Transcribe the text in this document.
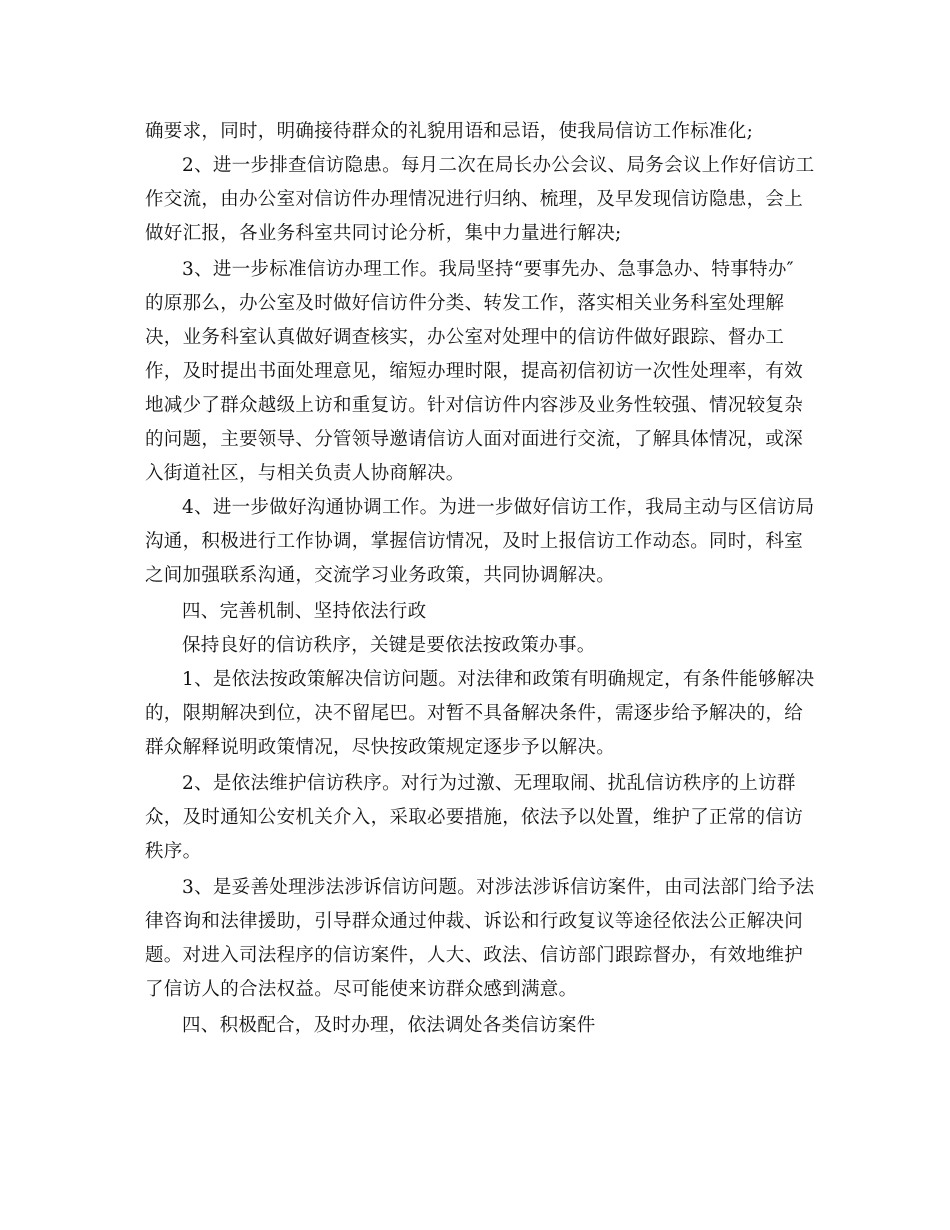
确要求，同时，明确接待群众的礼貌用语和忌语，使我局信访工作标准化;
2、进一步排查信访隐患。每月二次在局长办公会议、局务会议上作好信访工
作交流，由办公室对信访件办理情况进行归纳、梳理，及早发现信访隐患，会上
做好汇报，各业务科室共同讨论分析，集中力量进行解决;
3、进一步标准信访办理工作。我局坚持“要事先办、急事急办、特事特办″
的原那么，办公室及时做好信访件分类、转发工作，落实相关业务科室处理解
决，业务科室认真做好调查核实，办公室对处理中的信访件做好跟踪、督办工
作，及时提出书面处理意见，缩短办理时限，提高初信初访一次性处理率，有效
地减少了群众越级上访和重复访。针对信访件内容涉及业务性较强、情况较复杂
的问题，主要领导、分管领导邀请信访人面对面进行交流，了解具体情况，或深
入街道社区，与相关负责人协商解决。
4、进一步做好沟通协调工作。为进一步做好信访工作，我局主动与区信访局
沟通，积极进行工作协调，掌握信访情况，及时上报信访工作动态。同时，科室
之间加强联系沟通，交流学习业务政策，共同协调解决。
四、完善机制、坚持依法行政
保持良好的信访秩序，关键是要依法按政策办事。
1、是依法按政策解决信访问题。对法律和政策有明确规定，有条件能够解决
的，限期解决到位，决不留尾巴。对暂不具备解决条件，需逐步给予解决的，给
群众解释说明政策情况，尽快按政策规定逐步予以解决。
2、是依法维护信访秩序。对行为过激、无理取闹、扰乱信访秩序的上访群
众，及时通知公安机关介入，采取必要措施，依法予以处置，维护了正常的信访
秩序。
3、是妥善处理涉法涉诉信访问题。对涉法涉诉信访案件，由司法部门给予法
律咨询和法律援助，引导群众通过仲裁、诉讼和行政复议等途径依法公正解决问
题。对进入司法程序的信访案件，人大、政法、信访部门跟踪督办，有效地维护
了信访人的合法权益。尽可能使来访群众感到满意。
四、积极配合，及时办理，依法调处各类信访案件
